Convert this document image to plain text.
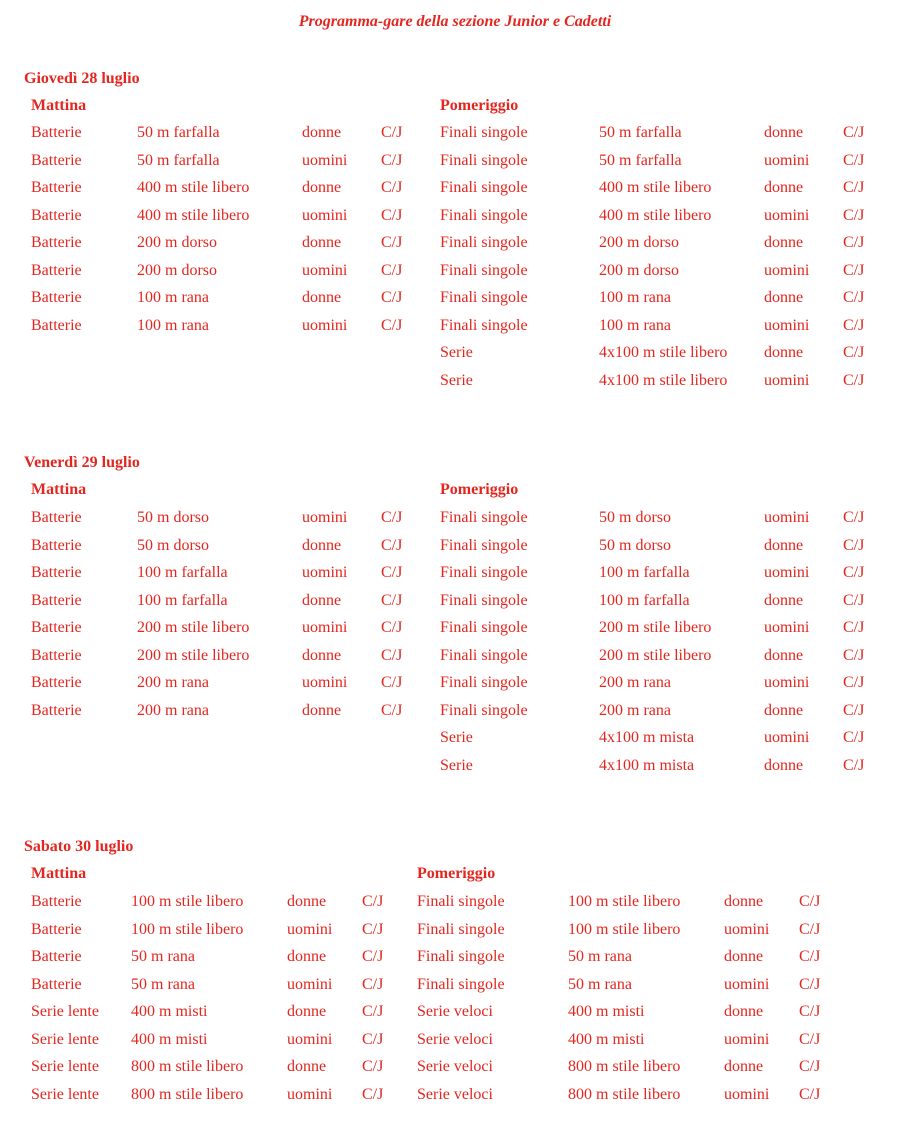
Programma-gare della sezione Junior e Cadetti
Giovedì 28 luglio
Mattina	Pomeriggio
Batterie	50 m farfalla	donne C/J
Batterie	50 m farfalla	uomini C/J
Batterie	400 m stile libero	donne C/J
Batterie	400 m stile libero	uomini C/J
Batterie	200 m dorso	donne C/J
Batterie	200 m dorso	uomini C/J
Batterie	100 m rana	donne C/J
Batterie	100 m rana	uomini C/J
Finali singole	50 m farfalla	donne C/J
Finali singole	50 m farfalla	uomini C/J
Finali singole	400 m stile libero	donne C/J
Finali singole	400 m stile libero	uomini C/J
Finali singole	200 m dorso	donne C/J
Finali singole	200 m dorso	uomini C/J
Finali singole	100 m rana	donne C/J
Finali singole	100 m rana	uomini C/J
Serie	4x100 m stile libero donne C/J
Serie	4x100 m stile libero uomini C/J
Venerdì 29 luglio
Mattina	Pomeriggio
Batterie	50 m dorso	uomini C/J
Batterie	50 m dorso	donne C/J
Batterie	100 m farfalla	uomini C/J
Batterie	100 m farfalla	donne C/J
Batterie	200 m stile libero	uomini C/J
Batterie	200 m stile libero	donne C/J
Batterie	200 m rana	uomini C/J
Batterie	200 m rana	donne C/J
Finali singole	50 m dorso	uomini C/J
Finali singole	50 m dorso	donne C/J
Finali singole	100 m farfalla	uomini C/J
Finali singole	100 m farfalla	donne C/J
Finali singole	200 m stile libero	uomini C/J
Finali singole	200 m stile libero	donne C/J
Finali singole	200 m rana	uomini C/J
Finali singole	200 m rana	donne C/J
Serie	4x100 m mista	uomini C/J
Serie	4x100 m mista	donne C/J
Sabato 30 luglio
Mattina	Pomeriggio
Batterie	100 m stile libero	donne C/J
Batterie	100 m stile libero	uomini C/J
Batterie	50 m rana	donne C/J
Batterie	50 m rana	uomini C/J
Serie lente 400 m misti	donne C/J
Serie lente 400 m misti	uomini C/J
Serie lente 800 m stile libero	donne C/J
Serie lente 800 m stile libero	uomini C/J
Finali singole	100 m stile libero	donne C/J
Finali singole	100 m stile libero	uomini C/J
Finali singole	50 m rana	donne C/J
Finali singole	50 m rana	uomini C/J
Serie veloci	400 m misti	donne C/J
Serie veloci	400 m misti	uomini C/J
Serie veloci	800 m stile libero	donne C/J
Serie veloci	800 m stile libero	uomini C/J
